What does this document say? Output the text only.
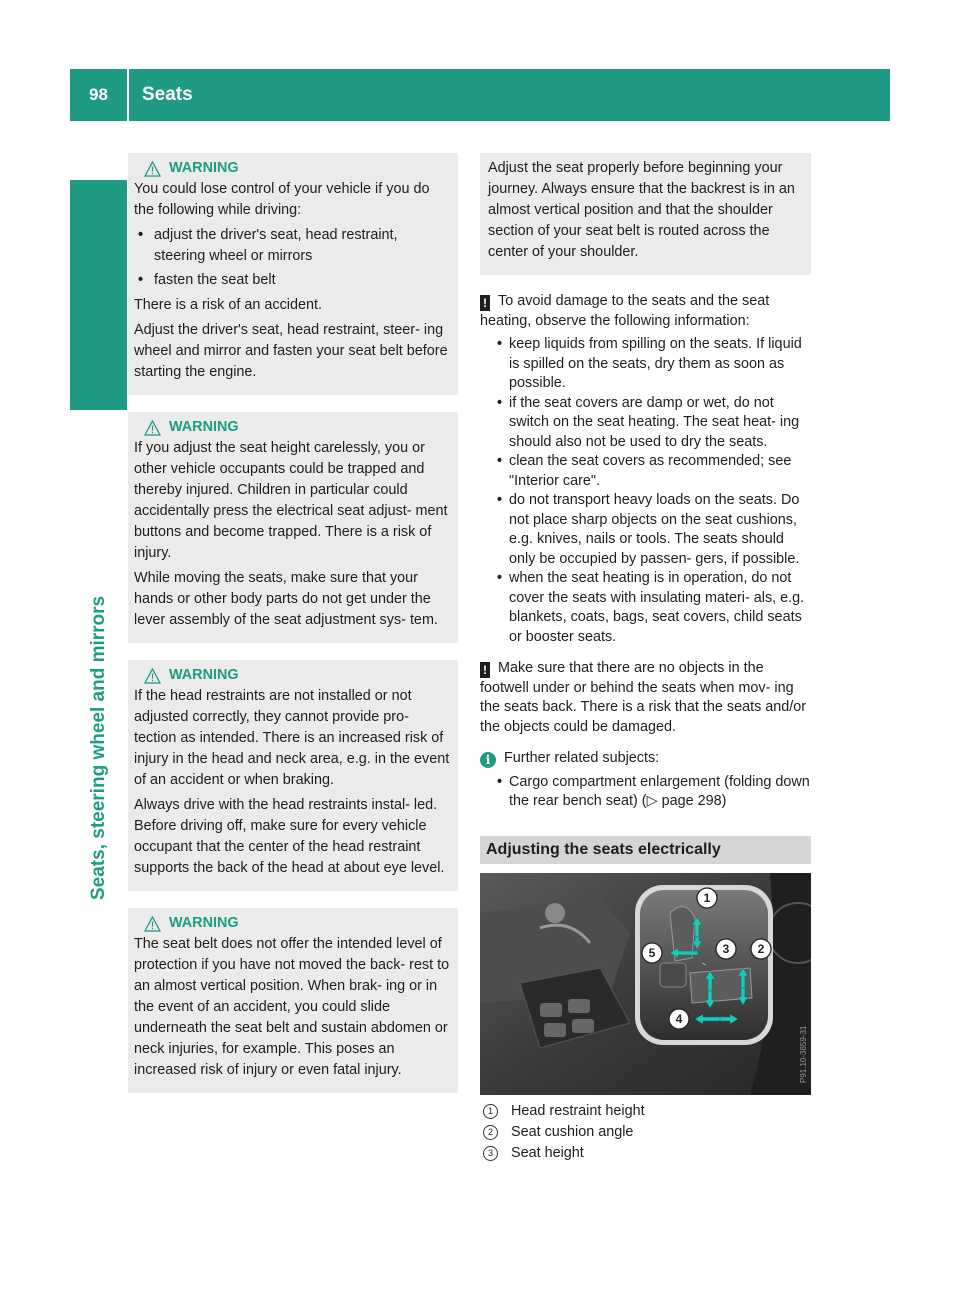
98	Seats
Seats, steering wheel and mirrors
WARNING

You could lose control of your vehicle if you do the following while driving:

• adjust the driver's seat, head restraint, steering wheel or mirrors
• fasten the seat belt

There is a risk of an accident.

Adjust the driver's seat, head restraint, steer- ing wheel and mirror and fasten your seat belt before starting the engine.

WARNING

If you adjust the seat height carelessly, you or other vehicle occupants could be trapped and thereby injured. Children in particular could accidentally press the electrical seat adjust- ment buttons and become trapped. There is a risk of injury.

While moving the seats, make sure that your hands or other body parts do not get under the lever assembly of the seat adjustment sys- tem.

WARNING

If the head restraints are not installed or not adjusted correctly, they cannot provide pro- tection as intended. There is an increased risk of injury in the head and neck area, e.g. in the event of an accident or when braking.

Always drive with the head restraints instal- led. Before driving off, make sure for every vehicle occupant that the center of the head restraint supports the back of the head at about eye level.

WARNING

The seat belt does not offer the intended level of protection if you have not moved the back- rest to an almost vertical position. When brak- ing or in the event of an accident, you could slide underneath the seat belt and sustain abdomen or neck injuries, for example. This poses an increased risk of injury or even fatal injury.

Adjust the seat properly before beginning your journey. Always ensure that the backrest is in an almost vertical position and that the shoulder section of your seat belt is routed across the center of your shoulder.

! To avoid damage to the seats and the seat heating, observe the following information:
• keep liquids from spilling on the seats. If liquid is spilled on the seats, dry them as soon as possible.
• if the seat covers are damp or wet, do not switch on the seat heating. The seat heat- ing should also not be used to dry the seats.
• clean the seat covers as recommended; see "Interior care".
• do not transport heavy loads on the seats. Do not place sharp objects on the seat cushions, e.g. knives, nails or tools. The seats should only be occupied by passen- gers, if possible.
• when the seat heating is in operation, do not cover the seats with insulating materi- als, e.g. blankets, coats, bags, seat covers, child seats or booster seats.
! Make sure that there are no objects in the footwell under or behind the seats when mov- ing the seats back. There is a risk that the seats and/or the objects could be damaged.
i Further related subjects:
• Cargo compartment enlargement (folding down the rear bench seat) (▷ page 298)
Adjusting the seats electrically
1
2
3
4
5
P91.10-3859-31
1	Head restraint height
2	Seat cushion angle
3	Seat height
